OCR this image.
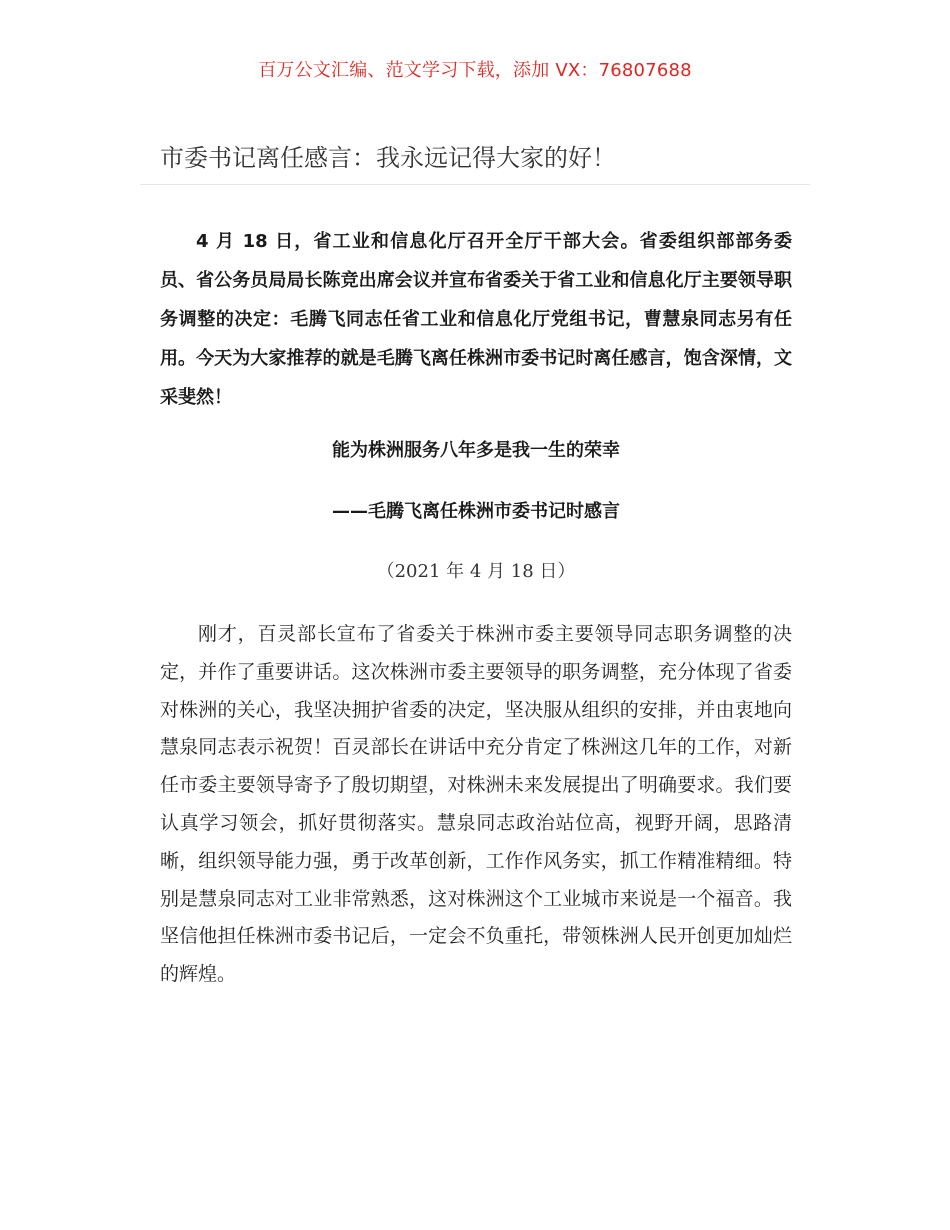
百万公文汇编、范文学习下载，添加 VX：76807688
市委书记离任感言：我永远记得大家的好！

4 月 18 日，省工业和信息化厅召开全厅干部大会。省委组织部部务委员、省公务员局局长陈竞出席会议并宣布省委关于省工业和信息化厅主要领导职务调整的决定：毛腾飞同志任省工业和信息化厅党组书记，曹慧泉同志另有任用。今天为大家推荐的就是毛腾飞离任株洲市委书记时离任感言，饱含深情，文采斐然！

能为株洲服务八年多是我一生的荣幸
——毛腾飞离任株洲市委书记时感言
（2021 年 4 月 18 日）

刚才，百灵部长宣布了省委关于株洲市委主要领导同志职务调整的决定，并作了重要讲话。这次株洲市委主要领导的职务调整，充分体现了省委对株洲的关心，我坚决拥护省委的决定，坚决服从组织的安排，并由衷地向慧泉同志表示祝贺！百灵部长在讲话中充分肯定了株洲这几年的工作，对新任市委主要领导寄予了殷切期望，对株洲未来发展提出了明确要求。我们要认真学习领会，抓好贯彻落实。慧泉同志政治站位高，视野开阔，思路清晰，组织领导能力强，勇于改革创新，工作作风务实，抓工作精准精细。特别是慧泉同志对工业非常熟悉，这对株洲这个工业城市来说是一个福音。我坚信他担任株洲市委书记后，一定会不负重托，带领株洲人民开创更加灿烂的辉煌。
